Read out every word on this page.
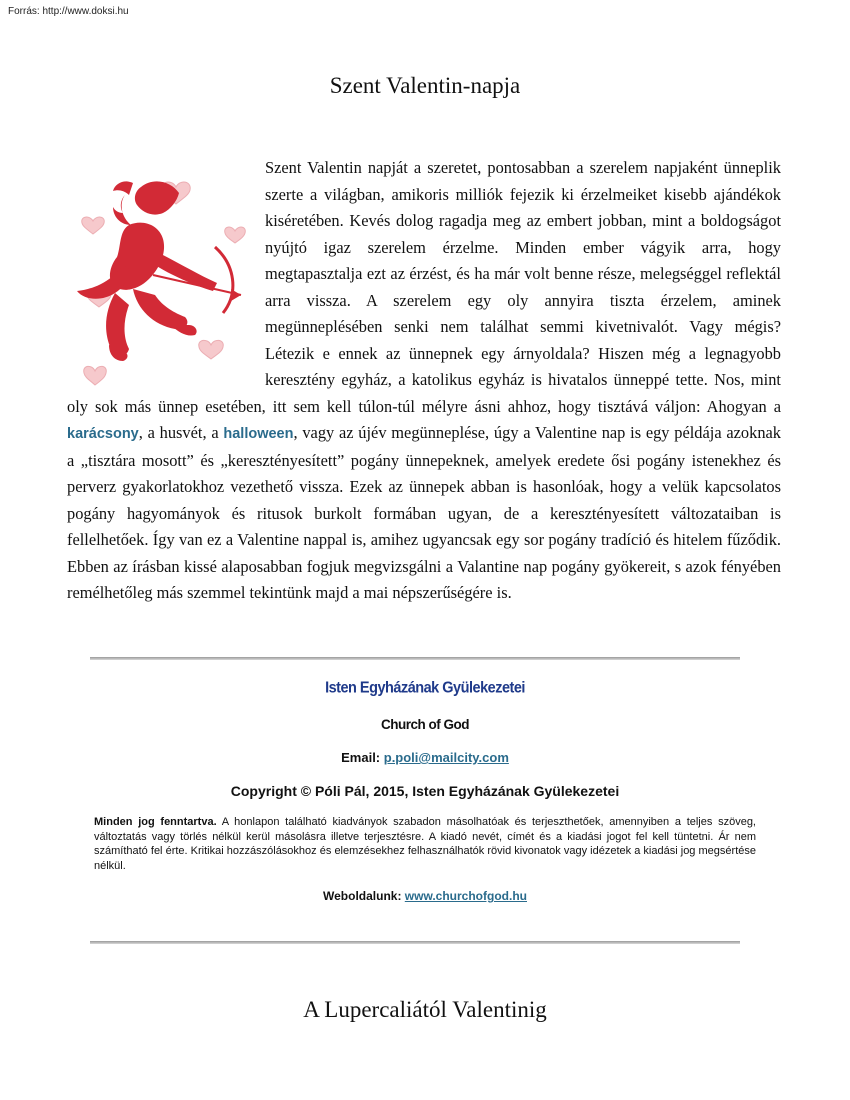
Forrás: http://www.doksi.hu
Szent Valentin-napja

Szent Valentin napját a szeretet, pontosabban a szerelem napjaként ünneplik szerte a világban, amikoris milliók fejezik ki érzelmeiket kisebb ajándékok kiséretében. Kevés dolog ragadja meg az embert jobban, mint a boldogságot nyújtó igaz szerelem érzelme. Minden ember vágyik arra, hogy megtapasztalja ezt az érzést, és ha már volt benne része, melegséggel reflektál arra vissza. A szerelem egy oly annyira tiszta érzelem, aminek megünneplésében senki nem találhat semmi kivetnivalót. Vagy mégis? Létezik e ennek az ünnepnek egy árnyoldala? Hiszen még a legnagyobb keresztény egyház, a katolikus egyház is hivatalos ünneppé tette. Nos, mint oly sok más ünnep esetében, itt sem kell túlon-túl mélyre ásni ahhoz, hogy tisztává váljon: Ahogyan a karácsony, a husvét, a halloween, vagy az újév megünneplése, úgy a Valentine nap is egy példája azoknak a „tisztára mosott” és „keresztényesített” pogány ünnepeknek, amelyek eredete ősi pogány istenekhez és perverz gyakorlatokhoz vezethető vissza. Ezek az ünnepek abban is hasonlóak, hogy a velük kapcsolatos pogány hagyományok és ritusok burkolt formában ugyan, de a keresztényesített változataiban is fellelhetőek. Így van ez a Valentine nappal is, amihez ugyancsak egy sor pogány tradíció és hitelem fűződik. Ebben az írásban kissé alaposabban fogjuk megvizsgálni a Valantine nap pogány gyökereit, s azok fényében remélhetőleg más szemmel tekintünk majd a mai népszerűségére is.

Isten Egyházának Gyülekezetei

Church of God

Email: p.poli@mailcity.com

Copyright © Póli Pál, 2015, Isten Egyházának Gyülekezetei

Minden jog fenntartva. A honlapon található kiadványok szabadon másolhatóak és terjeszthetőek, amennyiben a teljes szöveg, változtatás vagy törlés nélkül kerül másolásra illetve terjesztésre. A kiadó nevét, címét és a kiadási jogot fel kell tüntetni. Ár nem számítható fel érte. Kritikai hozzászólásokhoz és elemzésekhez felhasználhatók rövid kivonatok vagy idézetek a kiadási jog megsértése nélkül.

Weboldalunk: www.churchofgod.hu

A Lupercaliától Valentinig
